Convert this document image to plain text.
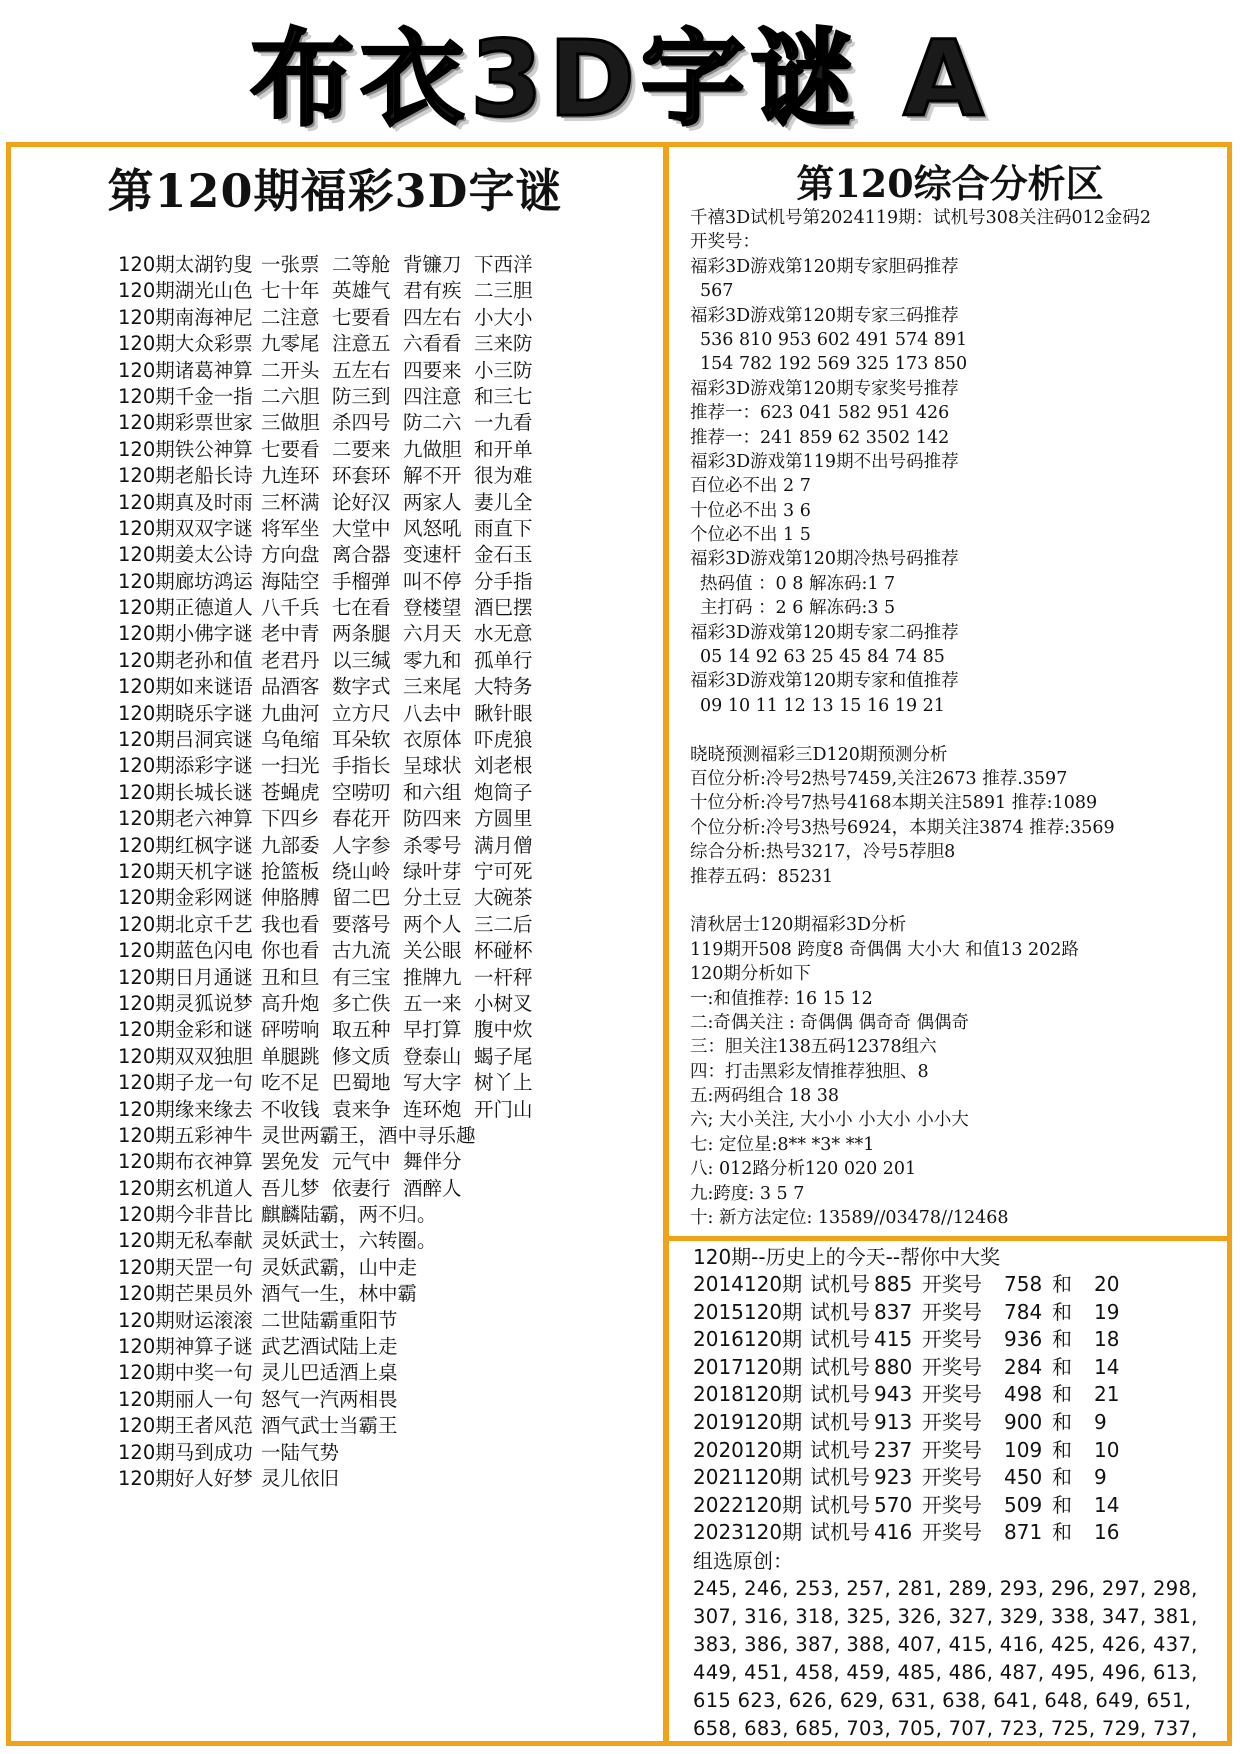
布衣3D字谜 A
第120期福彩3D字谜
120期太湖钓叟 一张票 二等舱 背镰刀 下西洋
120期湖光山色 七十年 英雄气 君有疾 二三胆
120期南海神尼 二注意 七要看 四左右 小大小
120期大众彩票 九零尾 注意五 六看看 三来防
120期诸葛神算 二开头 五左右 四要来 小三防
120期千金一指 二六胆 防三到 四注意 和三七
120期彩票世家 三做胆 杀四号 防二六 一九看
120期铁公神算 七要看 二要来 九做胆 和开单
120期老船长诗 九连环 环套环 解不开 很为难
120期真及时雨 三杯满 论好汉 两家人 妻儿全
120期双双字谜 将军坐 大堂中 风怒吼 雨直下
120期姜太公诗 方向盘 离合器 变速杆 金石玉
120期廊坊鸿运 海陆空 手榴弹 叫不停 分手指
120期正德道人 八千兵 七在看 登楼望 酒巳摆
120期小佛字谜 老中青 两条腿 六月天 水无意
120期老孙和值 老君丹 以三缄 零九和 孤单行
120期如来谜语 品酒客 数字式 三来尾 大特务
120期晓乐字谜 九曲河 立方尺 八去中 瞅针眼
120期吕洞宾谜 乌龟缩 耳朵软 衣原体 吓虎狼
120期添彩字谜 一扫光 手指长 呈球状 刘老根
120期长城长谜 苍蝇虎 空唠叨 和六组 炮筒子
120期老六神算 下四乡 春花开 防四来 方圆里
120期红枫字谜 九部委 人字参 杀零号 满月僧
120期天机字谜 抢篮板 绕山岭 绿叶芽 宁可死
120期金彩网谜 伸胳膊 留二巴 分土豆 大碗茶
120期北京千艺 我也看 要落号 两个人 三二后
120期蓝色闪电 你也看 古九流 关公眼 杯碰杯
120期日月通谜 丑和旦 有三宝 推牌九 一杆秤
120期灵狐说梦 高升炮 多亡佚 五一来 小树叉
120期金彩和谜 砰唠响 取五种 早打算 腹中炊
120期双双独胆 单腿跳 修文质 登泰山 蝎子尾
120期子龙一句 吃不足 巴蜀地 写大字 树丫上
120期缘来缘去 不收钱 袁来争 连环炮 开门山
120期五彩神牛 灵世两霸王，酒中寻乐趣
120期布衣神算 罢免发 元气中 舞伴分
120期玄机道人 吾儿梦 依妻行 酒醉人
120期今非昔比 麒麟陆霸，两不归。
120期无私奉献 灵妖武士，六转圈。
120期天罡一句 灵妖武霸，山中走
120期芒果员外 酒气一生，林中霸
120期财运滚滚 二世陆霸重阳节
120期神算子谜 武艺酒试陆上走
120期中奖一句 灵儿巴适酒上桌
120期丽人一句 怒气一汽两相畏
120期王者风范 酒气武士当霸王
120期马到成功 一陆气势
120期好人好梦 灵儿依旧
第120综合分析区
千禧3D试机号第2024119期：试机号308关注码012金码2
开奖号：
福彩3D游戏第120期专家胆码推荐
567
福彩3D游戏第120期专家三码推荐
536 810 953 602 491 574 891
154 782 192 569 325 173 850
福彩3D游戏第120期专家奖号推荐
推荐一：623 041 582 951 426
推荐一：241 859 62 3502 142
福彩3D游戏第119期不出号码推荐
百位必不出 2 7
十位必不出 3 6
个位必不出 1 5
福彩3D游戏第120期冷热号码推荐
热码值 ：0 8 解冻码:1 7
主打码 ：2 6 解冻码:3 5
福彩3D游戏第120期专家二码推荐
05 14 92 63 25 45 84 74 85
福彩3D游戏第120期专家和值推荐
09 10 11 12 13 15 16 19 21

晓晓预测福彩三D120期预测分析
百位分析:冷号2热号7459,关注2673 推荐.3597
十位分析:冷号7热号4168本期关注5891 推荐:1089
个位分析:冷号3热号6924，本期关注3874 推荐:3569
综合分析:热号3217，冷号5荐胆8
推荐五码：85231

清秋居士120期福彩3D分析
119期开508 跨度8 奇偶偶 大小大 和值13 202路
120期分析如下
一:和值推荐: 16 15 12
二:奇偶关注 : 奇偶偶 偶奇奇 偶偶奇
三：胆关注138五码12378组六
四：打击黑彩友情推荐独胆、8
五:两码组合 18 38
六; 大小关注, 大小小 小大小 小小大
七: 定位星:8** *3* **1
八: 012路分析120 020 201
九:跨度: 3 5 7
十: 新方法定位: 13589//03478//12468
120期--历史上的今天--帮你中大奖
2014120期 试机号 885 开奖号	758 和	20
2015120期 试机号 837 开奖号	784 和	19
2016120期 试机号 415 开奖号	936 和	18
2017120期 试机号 880 开奖号	284 和	14
2018120期 试机号 943 开奖号	498 和	21
2019120期 试机号 913 开奖号	900 和	9
2020120期 试机号 237 开奖号	109 和	10
2021120期 试机号 923 开奖号	450 和	9
2022120期 试机号 570 开奖号	509 和	14
2023120期 试机号 416 开奖号	871 和	16
组选原创：
245, 246, 253, 257, 281, 289, 293, 296, 297, 298,
307, 316, 318, 325, 326, 327, 329, 338, 347, 381,
383, 386, 387, 388, 407, 415, 416, 425, 426, 437,
449, 451, 458, 459, 485, 486, 487, 495, 496, 613,
615 623, 626, 629, 631, 638, 641, 648, 649, 651,
658, 683, 685, 703, 705, 707, 723, 725, 729, 737,
